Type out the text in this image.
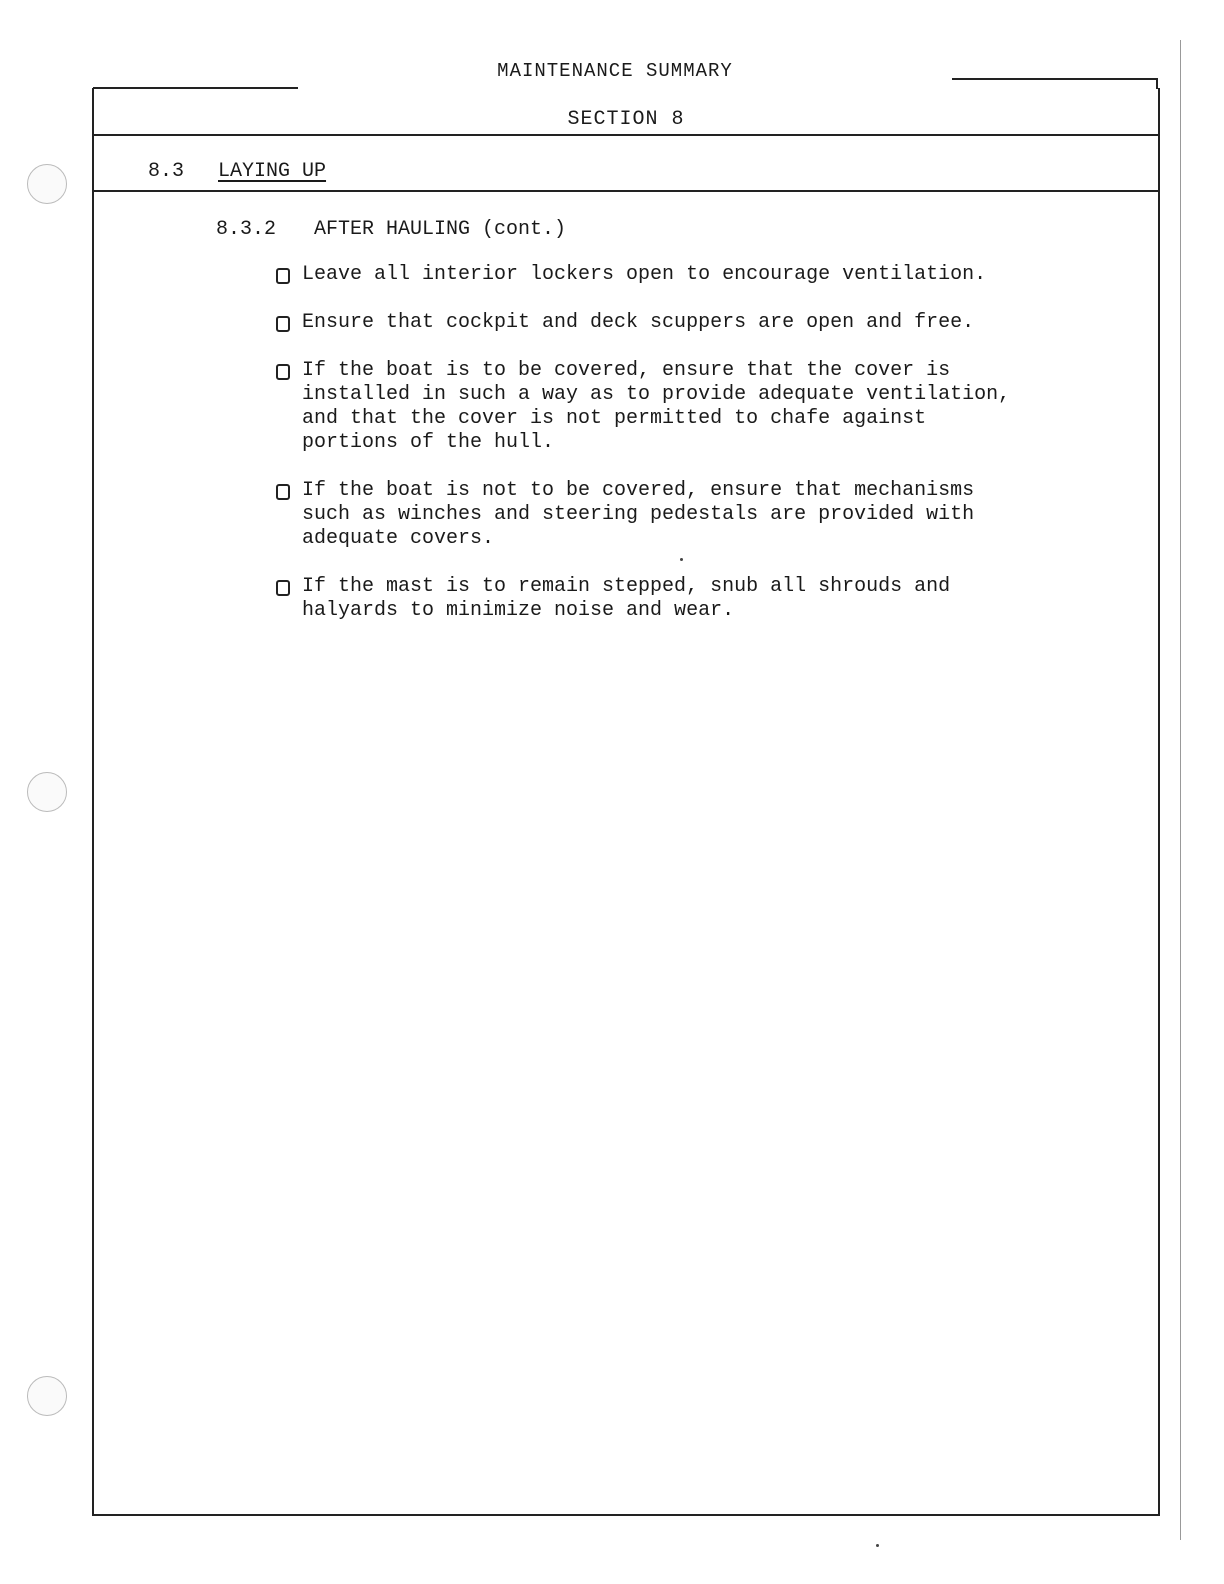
MAINTENANCE SUMMARY
SECTION 8
8.3 LAYING UP
8.3.2 AFTER HAULING (cont.)
Leave all interior lockers open to encourage ventilation.
Ensure that cockpit and deck scuppers are open and free.
If the boat is to be covered, ensure that the cover is
installed in such a way as to provide adequate ventilation,
and that the cover is not permitted to chafe against
portions of the hull.
If the boat is not to be covered, ensure that mechanisms
such as winches and steering pedestals are provided with
adequate covers.
If the mast is to remain stepped, snub all shrouds and
halyards to minimize noise and wear.
